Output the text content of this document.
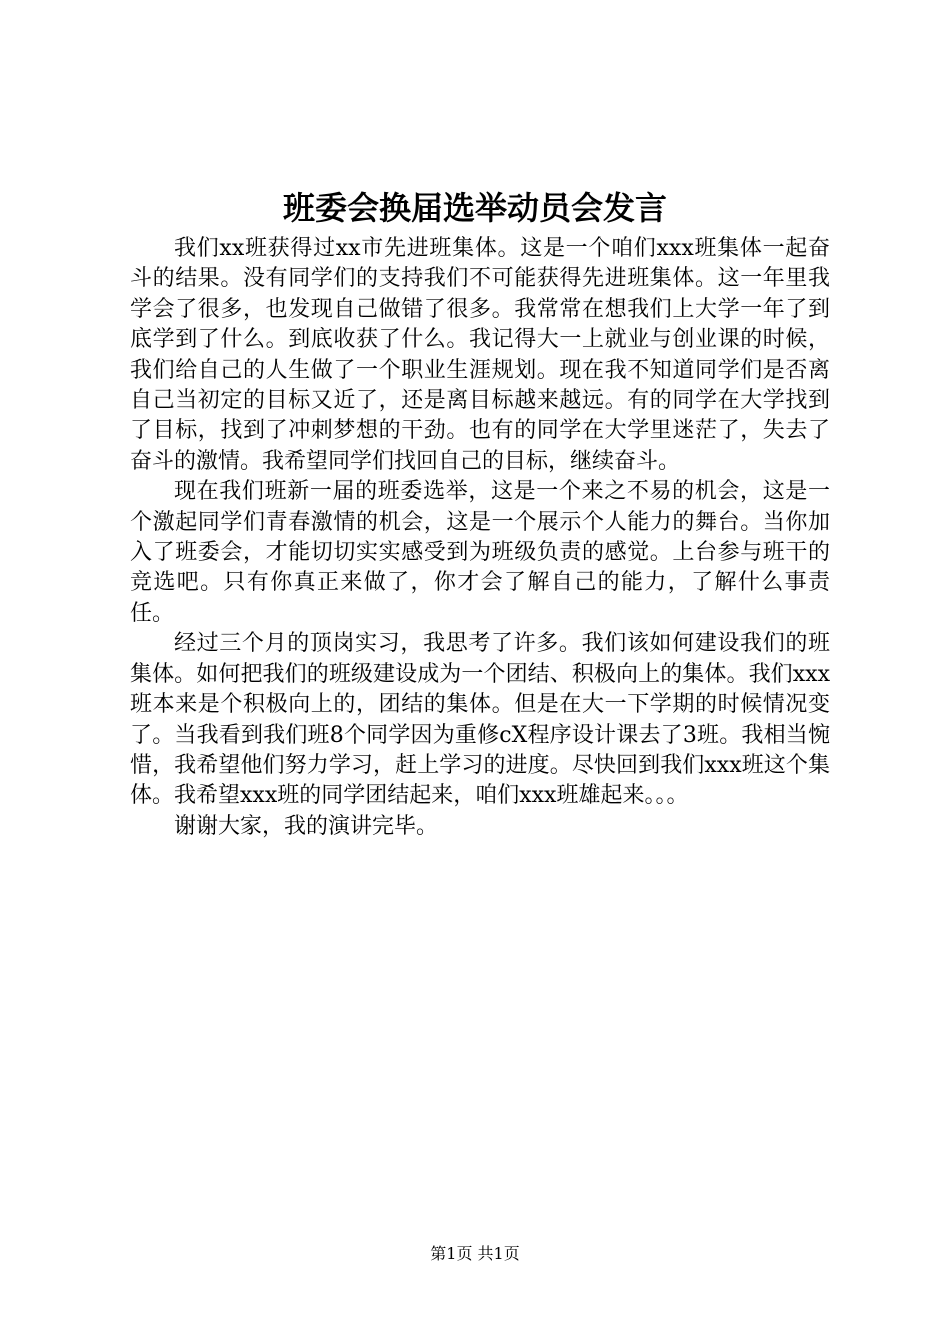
班委会换届选举动员会发言

我们xx班获得过xx市先进班集体。这是一个咱们xxx班集体一起奋斗的结果。没有同学们的支持我们不可能获得先进班集体。这一年里我学会了很多，也发现自己做错了很多。我常常在想我们上大学一年了到底学到了什么。到底收获了什么。我记得大一上就业与创业课的时候，我们给自己的人生做了一个职业生涯规划。现在我不知道同学们是否离自己当初定的目标又近了，还是离目标越来越远。有的同学在大学找到了目标，找到了冲刺梦想的干劲。也有的同学在大学里迷茫了，失去了奋斗的激情。我希望同学们找回自己的目标，继续奋斗。

现在我们班新一届的班委选举，这是一个来之不易的机会，这是一个激起同学们青春激情的机会，这是一个展示个人能力的舞台。当你加入了班委会，才能切切实实感受到为班级负责的感觉。上台参与班干的竞选吧。只有你真正来做了，你才会了解自己的能力，了解什么事责任。

经过三个月的顶岗实习，我思考了许多。我们该如何建设我们的班集体。如何把我们的班级建设成为一个团结、积极向上的集体。我们xxx班本来是个积极向上的，团结的集体。但是在大一下学期的时候情况变了。当我看到我们班8个同学因为重修cX程序设计课去了3班。我相当惋惜，我希望他们努力学习，赶上学习的进度。尽快回到我们xxx班这个集体。我希望xxx班的同学团结起来，咱们xxx班雄起来。。。

谢谢大家，我的演讲完毕。

第1页 共1页
